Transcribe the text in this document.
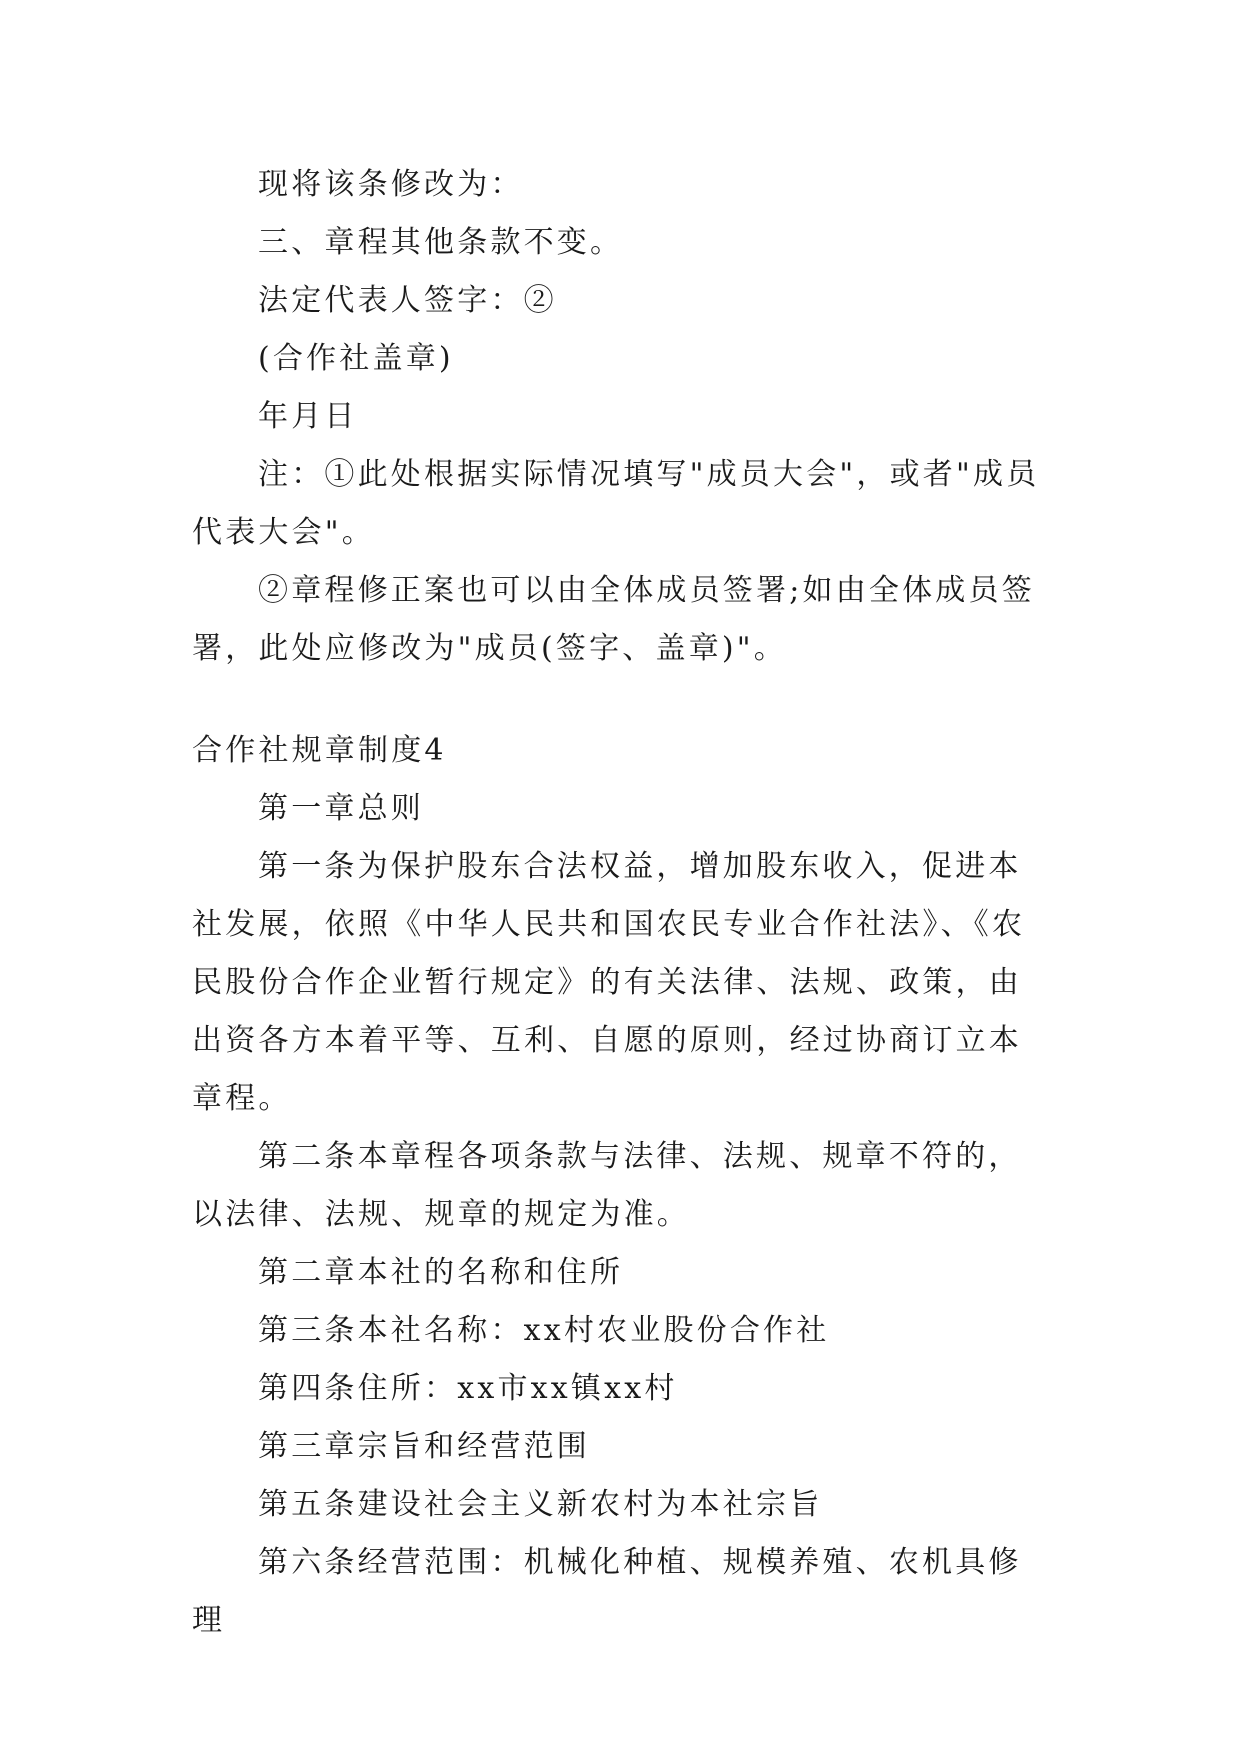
现将该条修改为：

三、章程其他条款不变。

法定代表人签字：②

(合作社盖章)

年月日

注：①此处根据实际情况填写"成员大会"，或者"成员代表大会"。

②章程修正案也可以由全体成员签署;如由全体成员签署，此处应修改为"成员(签字、盖章)"。

合作社规章制度4

第一章总则

第一条为保护股东合法权益，增加股东收入，促进本社发展，依照《中华人民共和国农民专业合作社法》、《农民股份合作企业暂行规定》的有关法律、法规、政策，由出资各方本着平等、互利、自愿的原则，经过协商订立本章程。

第二条本章程各项条款与法律、法规、规章不符的，以法律、法规、规章的规定为准。

第二章本社的名称和住所

第三条本社名称：xx村农业股份合作社

第四条住所：xx市xx镇xx村

第三章宗旨和经营范围

第五条建设社会主义新农村为本社宗旨

第六条经营范围：机械化种植、规模养殖、农机具修理
